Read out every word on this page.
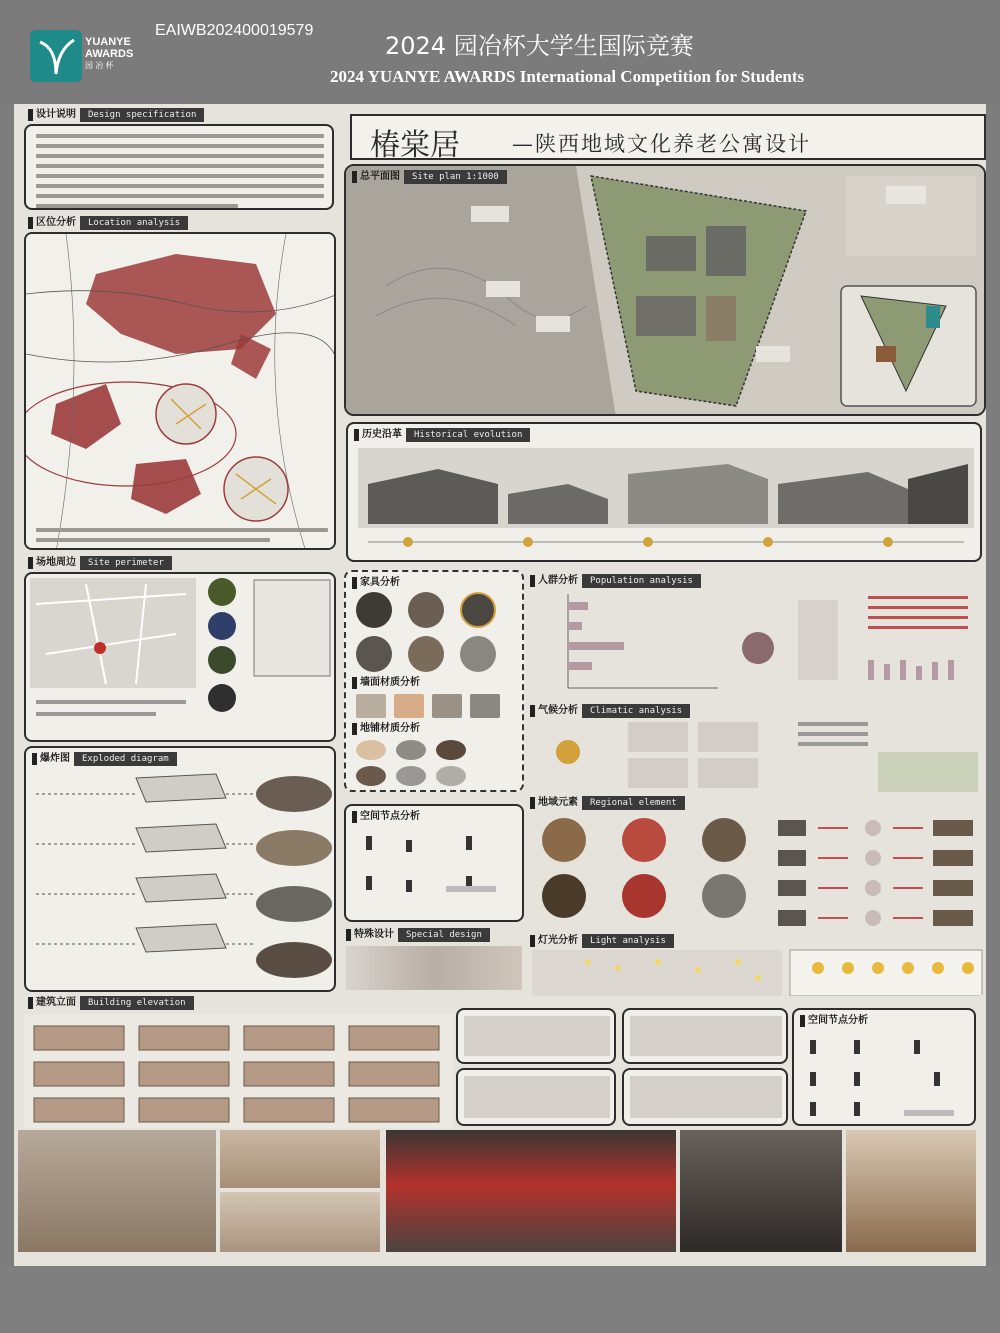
YUANYE AWARDS
园 冶 杯
EAIWB202400019579
2024 园冶杯大学生国际竞赛
2024 YUANYE AWARDS International Competition for Students
椿棠居 —陕西地域文化养老公寓设计
设计说明	Design specification
区位分析	Location analysis
总平面图	Site plan 1:1000
历史沿革	Historical evolution
场地周边	Site perimeter
家具分析
墙面材质分析
地铺材质分析
人群分析	Population analysis
气候分析	Climatic analysis
地域元素	Regional element
爆炸图	Exploded diagram
空间节点分析
特殊设计	Special design	灯光分析	Light analysis
建筑立面	Building elevation
空间节点分析
